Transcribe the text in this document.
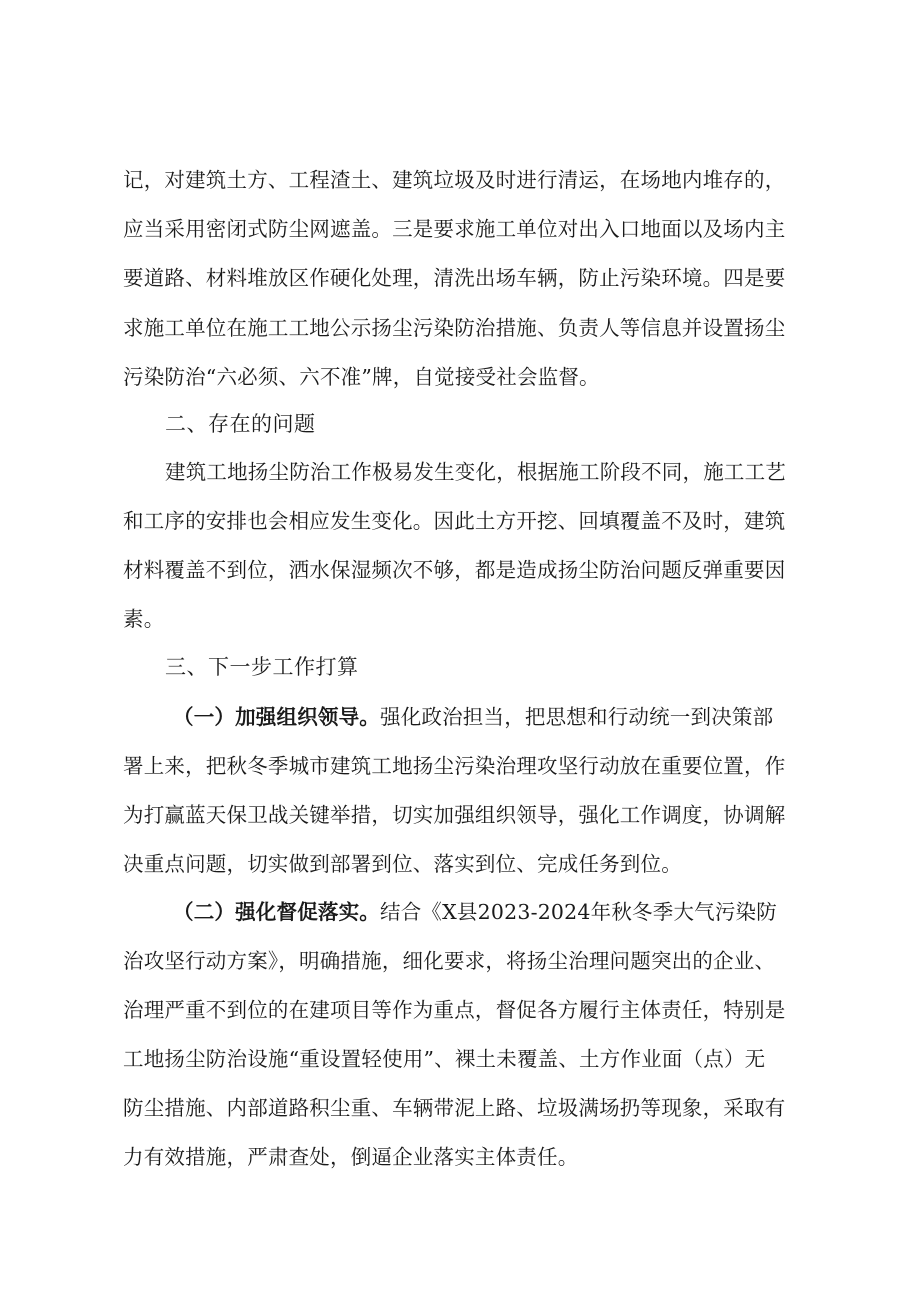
记，对建筑土方、工程渣土、建筑垃圾及时进行清运，在场地内堆存的，
应当采用密闭式防尘网遮盖。三是要求施工单位对出入口地面以及场内主
要道路、材料堆放区作硬化处理，清洗出场车辆，防止污染环境。四是要
求施工单位在施工工地公示扬尘污染防治措施、负责人等信息并设置扬尘
污染防治“六必须、六不准”牌，自觉接受社会监督。
二、存在的问题
建筑工地扬尘防治工作极易发生变化，根据施工阶段不同，施工工艺
和工序的安排也会相应发生变化。因此土方开挖、回填覆盖不及时，建筑
材料覆盖不到位，洒水保湿频次不够，都是造成扬尘防治问题反弹重要因
素。
三、下一步工作打算
（一）加强组织领导。强化政治担当，把思想和行动统一到决策部
署上来，把秋冬季城市建筑工地扬尘污染治理攻坚行动放在重要位置，作
为打赢蓝天保卫战关键举措，切实加强组织领导，强化工作调度，协调解
决重点问题，切实做到部署到位、落实到位、完成任务到位。
（二）强化督促落实。结合《X县2023-2024年秋冬季大气污染防
治攻坚行动方案》，明确措施，细化要求，将扬尘治理问题突出的企业、
治理严重不到位的在建项目等作为重点，督促各方履行主体责任，特别是
工地扬尘防治设施“重设置轻使用”、裸土未覆盖、土方作业面（点）无
防尘措施、内部道路积尘重、车辆带泥上路、垃圾满场扔等现象，采取有
力有效措施，严肃查处，倒逼企业落实主体责任。
